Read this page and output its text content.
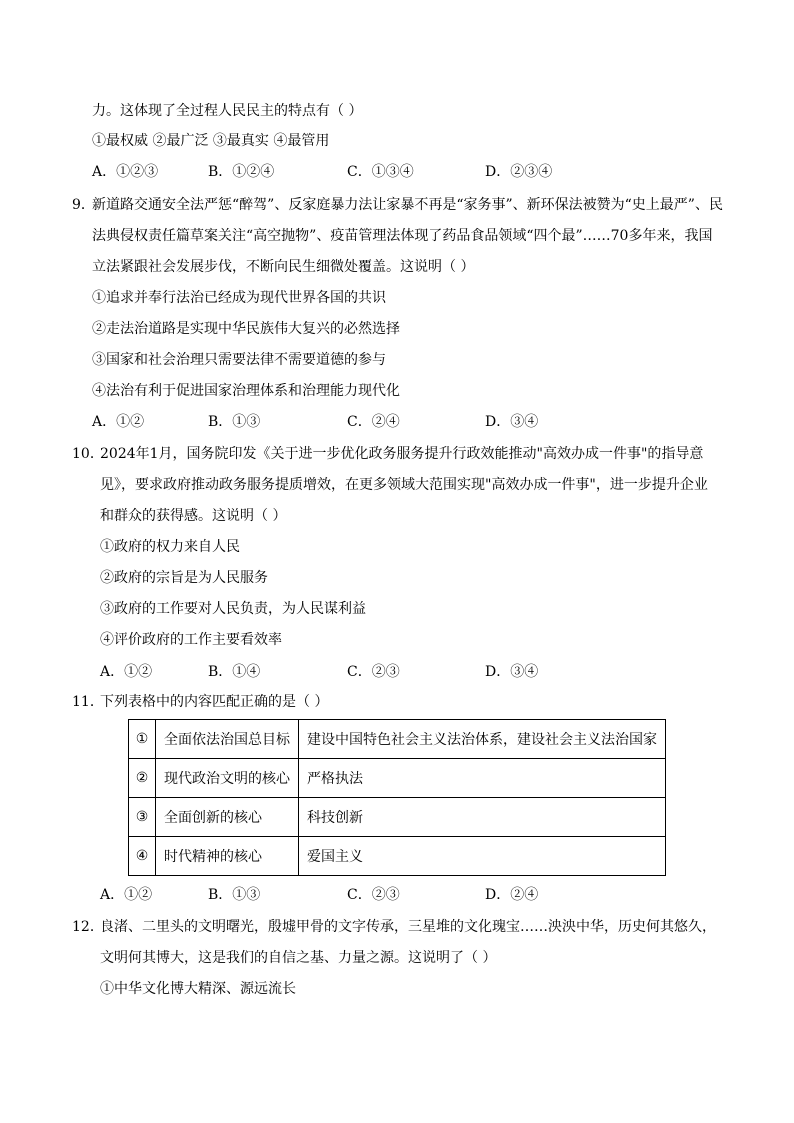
力。这体现了全过程人民民主的特点有（ ）
①最权威 ②最广泛 ③最真实 ④最管用
A．①②③	B．①②④	C．①③④	D．②③④
9．
新道路交通安全法严惩“醉驾”、反家庭暴力法让家暴不再是“家务事”、新环保法被赞为“史上最严”、民
法典侵权责任篇草案关注“高空抛物”、疫苗管理法体现了药品食品领域“四个最”……70多年来，我国
立法紧跟社会发展步伐，不断向民生细微处覆盖。这说明（ ）
①追求并奉行法治已经成为现代世界各国的共识
②走法治道路是实现中华民族伟大复兴的必然选择
③国家和社会治理只需要法律不需要道德的参与
④法治有利于促进国家治理体系和治理能力现代化
A．①②	B．①③	C．②④	D．③④
10．
2024年1月，国务院印发《关于进一步优化政务服务提升行政效能推动"高效办成一件事"的指导意
见》，要求政府推动政务服务提质增效，在更多领域大范围实现"高效办成一件事"，进一步提升企业
和群众的获得感。这说明（ ）
①政府的权力来自人民
②政府的宗旨是为人民服务
③政府的工作要对人民负责，为人民谋利益
④评价政府的工作主要看效率
A．①②	B．①④	C．②③	D．③④
11．
下列表格中的内容匹配正确的是（ ）
①	全面依法治国总目标	建设中国特色社会主义法治体系，建设社会主义法治国家
②	现代政治文明的核心	严格执法
③	全面创新的核心	科技创新
④	时代精神的核心	爱国主义
A．①②	B．①③	C．②③	D．②④
12．
良渚、二里头的文明曙光，殷墟甲骨的文字传承，三星堆的文化瑰宝……泱泱中华，历史何其悠久，
文明何其博大，这是我们的自信之基、力量之源。这说明了（ ）
①中华文化博大精深、源远流长
